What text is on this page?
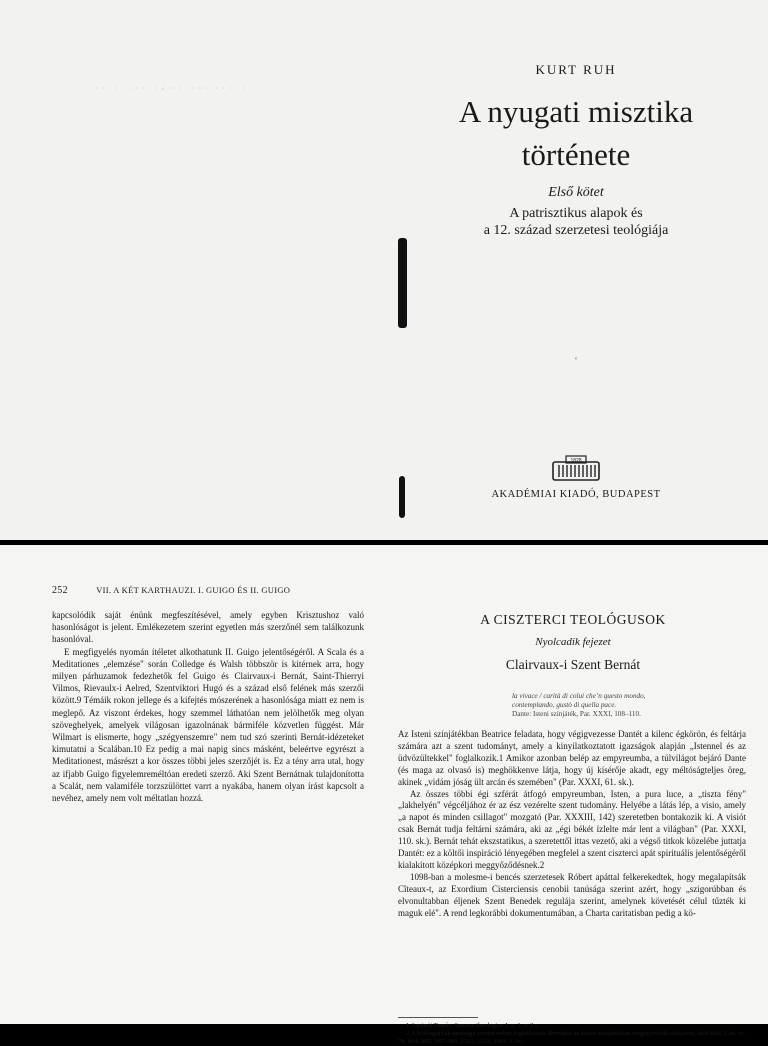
· · · · · · · · · · ‹ ·· · · · · ·· · · · · ·
KURT RUH
A nyugati misztika
története
Első kötet
A patrisztikus alapok és
a 12. század szerzetesi teológiája
‘
1828
AKADÉMIAI KIADÓ, BUDAPEST
252	VII. A KÉT KARTHAUZI. I. GUIGO ÉS II. GUIGO

kapcsolódik saját énünk megfeszítésével, amely egyben Krisztushoz való hasonlóságot is jelent. Emlékezetem szerint egyetlen más szerzőnél sem találkozunk hasonlóval.

E megfigyelés nyomán ítéletet alkothatunk II. Guigo jelentőségéről. A Scala és a Meditationes „elemzése" során Colledge és Walsh többször is kitérnek arra, hogy milyen párhuzamok fedezhetők fel Guigo és Clairvaux-i Bernát, Saint-Thierryi Vilmos, Rievaulx-i Aelred, Szentviktori Hugó és a század első felének más szerzői között.9 Témáik rokon jellege és a kifejtés mószerének a hasonlósága miatt ez nem is meglepő. Az viszont érdekes, hogy szemmel láthatóan nem jelölhetők meg olyan szöveghelyek, amelyek világosan igazolnának bármiféle közvetlen függést. Már Wilmart is elismerte, hogy „szégyenszemre" nem tud szó szerinti Bernát-idézeteket kimutatni a Scalában.10 Ez pedig a mai napig sincs másként, beleértve egyrészt a Meditationest, másrészt a kor összes többi jeles szerzőjét is. Ez a tény arra utal, hogy az ifjabb Guigo figyelemreméltóan eredeti szerző. Aki Szent Bernátnak tulajdonította a Scalát, nem valamiféle torzszülöttet varrt a nyakába, hanem olyan írást kapcsolt a nevéhez, amely nem volt méltatlan hozzá.

A CISZTERCI TEOLÓGUSOK
Nyolcadik fejezet
Clairvaux-i Szent Bernát
la vivace / carità di colui che’n questo mondo,
contemplando, gustò di quella pace.
Dante: Isteni színjáték, Par. XXXI, 108–110.

Az Isteni színjátékban Beatrice feladata, hogy végigvezesse Dantét a kilenc égkörön, és feltárja számára azt a szent tudományt, amely a kinyilatkoztatott igazságok alapján „Istennel és az üdvözültekkel" foglalkozik.1 Amikor azonban belép az empyreumba, a túlvilágot bejáró Dante (és maga az olvasó is) meghökkenve látja, hogy új kísérője akadt, egy méltóságteljes öreg, akinek „vidám jóság ült arcán és szemében" (Par. XXXI, 61. sk.).

Az összes többi égi szférát átfogó empyreumban, Isten, a pura luce, a „tiszta fény" „lakhelyén" végcéljához ér az ész vezérelte szent tudomány. Helyébe a látás lép, a visio, amely „a napot és minden csillagot" mozgató (Par. XXXIII, 142) szeretetben bontakozik ki. A visiót csak Bernát tudja feltárni számára, aki az „égi békét ízlelte már lent a világban" (Par. XXXI, 110. sk.). Bernát tehát ekszstatikus, a szeretettől ittas vezető, aki a végső titkok közelébe juttatja Dantét: ez a költői inspiráció lényegében megfelel a szent ciszterci apát spirituális jelentőségéről kialakított középkori meggyőződésnek.2

1098-ban a molesme-i bencés szerzetesek Róbert apáttal felkerekedtek, hogy megalapítsák Cîteaux-t, az Exordium Cisterciensis cenobii tanúsága szerint azért, hogy „szigorúbban és elvonultabban éljenek Szent Benedek regulája szerint, amelynek követését célul tűzték ki maguk elé". A rend legkorábbi dokumentumában, a Charta caritatisban pedig a kö-

1 Aquinói Tamás: Summa theologiae I, q. 1, a. 2 c.

2 A bibliográfiák tanúsága szerint sokan foglalkoztak Bernáttal az Isteni színjátékban megrajzolódó alakjával; lásd Bibl. Cist. nr. 74, 804, 805, 987–989, 1163, 1223, 1664. E be-
